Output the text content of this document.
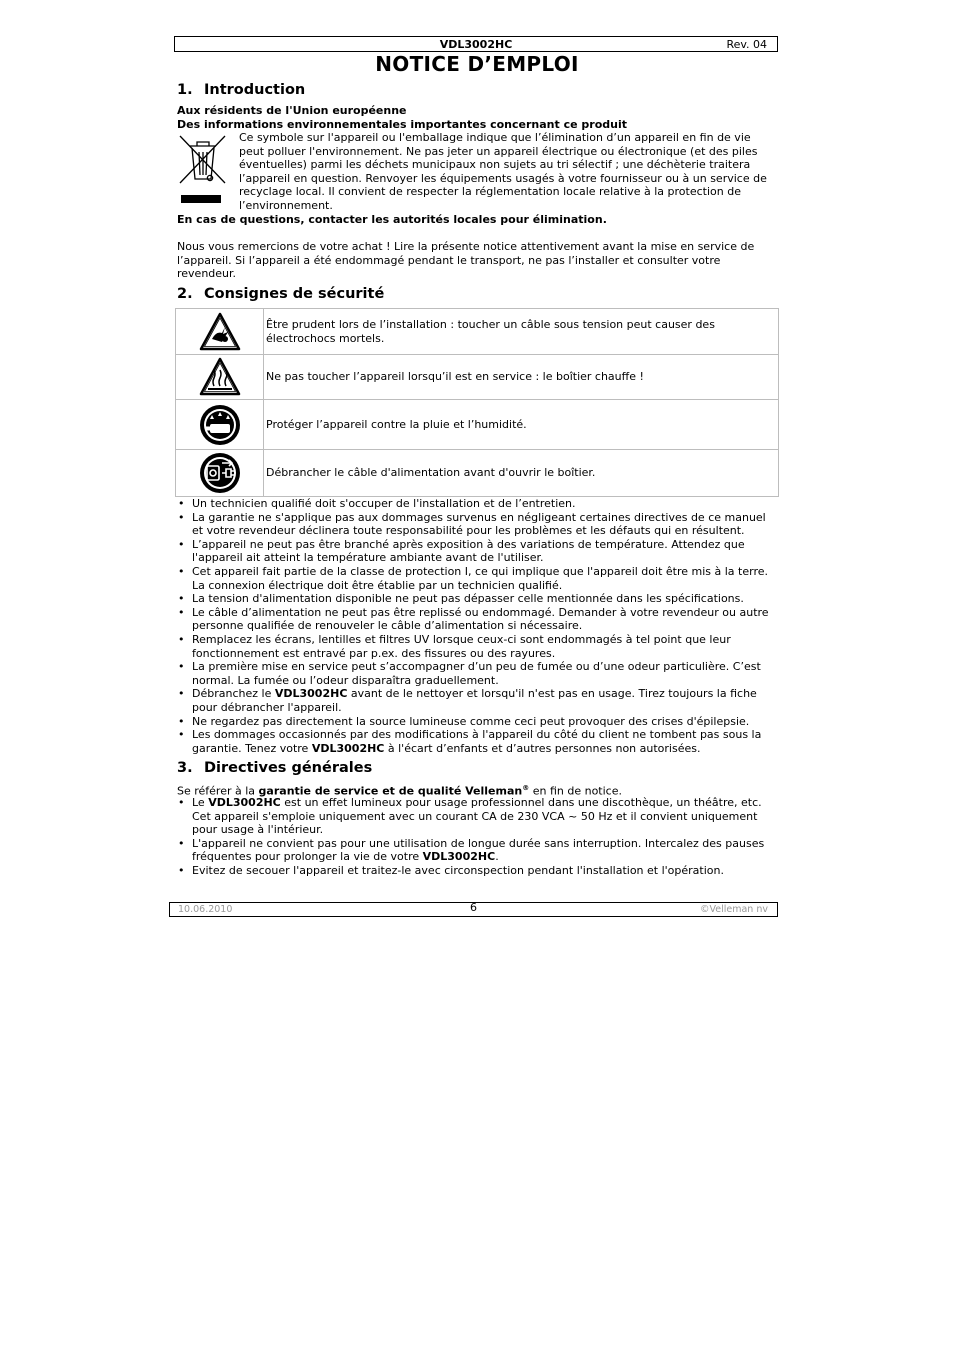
VDL3002HC	Rev. 04
NOTICE D’EMPLOI
1. Introduction
Aux résidents de l'Union européenne
Des informations environnementales importantes concernant ce produit
Ce symbole sur l'appareil ou l'emballage indique que l’élimination d’un appareil en fin de vie peut polluer l'environnement. Ne pas jeter un appareil électrique ou électronique (et des piles éventuelles) parmi les déchets municipaux non sujets au tri sélectif ; une déchèterie traitera l’appareil en question. Renvoyer les équipements usagés à votre fournisseur ou à un service de recyclage local. Il convient de respecter la réglementation locale relative à la protection de l’environnement.
En cas de questions, contacter les autorités locales pour élimination.
Nous vous remercions de votre achat ! Lire la présente notice attentivement avant la mise en service de l’appareil. Si l’appareil a été endommagé pendant le transport, ne pas l’installer et consulter votre revendeur.
2. Consignes de sécurité
	Être prudent lors de l’installation : toucher un câble sous tension peut causer des électrochocs mortels.

	Ne pas toucher l’appareil lorsqu’il est en service : le boîtier chauffe !

	Protéger l’appareil contre la pluie et l’humidité.

	Débrancher le câble d'alimentation avant d'ouvrir le boîtier.
• Un technicien qualifié doit s'occuper de l'installation et de l’entretien.
• La garantie ne s'applique pas aux dommages survenus en négligeant certaines directives de ce manuel et votre revendeur déclinera toute responsabilité pour les problèmes et les défauts qui en résultent.
• L’appareil ne peut pas être branché après exposition à des variations de température. Attendez que l'appareil ait atteint la température ambiante avant de l'utiliser.
• Cet appareil fait partie de la classe de protection I, ce qui implique que l'appareil doit être mis à la terre. La connexion électrique doit être établie par un technicien qualifié.
• La tension d'alimentation disponible ne peut pas dépasser celle mentionnée dans les spécifications.
• Le câble d’alimentation ne peut pas être replissé ou endommagé. Demander à votre revendeur ou autre personne qualifiée de renouveler le câble d’alimentation si nécessaire.
• Remplacez les écrans, lentilles et filtres UV lorsque ceux-ci sont endommagés à tel point que leur fonctionnement est entravé par p.ex. des fissures ou des rayures.
• La première mise en service peut s’accompagner d’un peu de fumée ou d’une odeur particulière. C’est normal. La fumée ou l’odeur disparaîtra graduellement.
• Débranchez le VDL3002HC avant de le nettoyer et lorsqu'il n'est pas en usage. Tirez toujours la fiche pour débrancher l'appareil.
• Ne regardez pas directement la source lumineuse comme ceci peut provoquer des crises d'épilepsie.
• Les dommages occasionnés par des modifications à l'appareil du côté du client ne tombent pas sous la garantie. Tenez votre VDL3002HC à l'écart d’enfants et d’autres personnes non autorisées.
3. Directives générales
Se référer à la garantie de service et de qualité Velleman® en fin de notice.
• Le VDL3002HC est un effet lumineux pour usage professionnel dans une discothèque, un théâtre, etc. Cet appareil s'emploie uniquement avec un courant CA de 230 VCA ~ 50 Hz et il convient uniquement pour usage à l'intérieur.
• L'appareil ne convient pas pour une utilisation de longue durée sans interruption. Intercalez des pauses fréquentes pour prolonger la vie de votre VDL3002HC.
• Evitez de secouer l'appareil et traitez-le avec circonspection pendant l'installation et l'opération.
10.06.2010	6	©Velleman nv
